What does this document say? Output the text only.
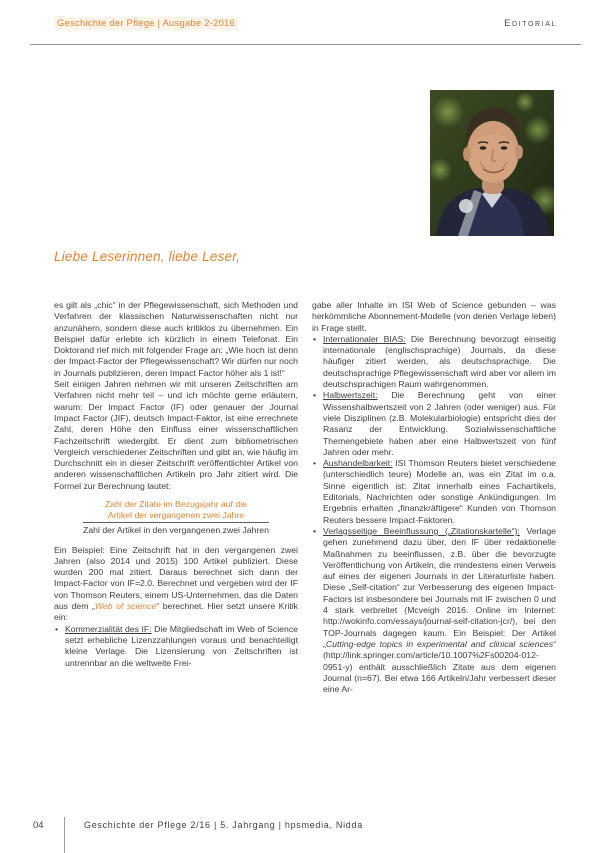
Geschichte der Pflege | Ausgabe 2-2016	Editorial
Liebe Leserinnen, liebe Leser,

es gilt als „chic“ in der Pflegewissenschaft, sich Methoden und Verfahren der klassischen Naturwissenschaften nicht nur anzunähern, sondern diese auch kritiklos zu übernehmen. Ein Beispiel dafür erlebte ich kürzlich in einem Telefonat. Ein Doktorand rief mich mit folgender Frage an: „Wie hoch ist denn der Impact-Factor der Pflegewissenschaft? Wir dürfen nur noch in Journals publizieren, deren Impact Factor höher als 1 ist!“

Seit einigen Jahren nehmen wir mit unseren Zeitschriften am Verfahren nicht mehr teil – und ich möchte gerne erläutern, warum: Der Impact Factor (IF) oder genauer der Journal Impact Factor (JIF), deutsch Impact-Faktor, ist eine errechnete Zahl, deren Höhe den Einfluss einer wissenschaftlichen Fachzeitschrift wiedergibt. Er dient zum bibliometrischen Vergleich verschiedener Zeitschriften und gibt an, wie häufig im Durchschnitt ein in dieser Zeitschrift veröffentlichter Artikel von anderen wissenschaftlichen Artikeln pro Jahr zitiert wird. Die Formel zur Berechnung lautet:

Zahl der Zitate im Bezugsjahr auf die
Artikel der vergangenen zwei Jahre
Zahl der Artikel in den vergangenen zwei Jahren

Ein Beispiel: Eine Zeitschrift hat in den vergangenen zwei Jahren (also 2014 und 2015) 100 Artikel publiziert. Diese wurden 200 mal zitiert. Daraus berechnet sich dann der Impact-Factor von IF=2.0. Berechnet und vergeben wird der IF von Thomson Reuters, einem US-Unternehmen, das die Daten aus dem „Web of science“ berechnet. Hier setzt unsere Kritik ein:

• Kommerzialität des IF: Die Mitgliedschaft im Web of Science setzt erhebliche Lizenzzahlungen voraus und benachteiligt kleine Verlage. Die Lizensierung von Zeitschriften ist untrennbar an die weltweite Frei-

gabe aller Inhalte im ISI Web of Science gebunden – was herkömmliche Abonnement-Modelle (von denen Verlage leben) in Frage stellt.

• Internationaler BIAS: Die Berechnung bevorzugt einseitig internationale (englischsprachige) Journals, da diese häufiger zitiert werden, als deutschsprachige. Die deutschsprachige Pflegewissenschaft wird aber vor allem im deutschsprachigen Raum wahrgenommen.

• Halbwertszeit: Die Berechnung geht von einer Wissenshalbwertszeit von 2 Jahren (oder weniger) aus. Für viele Disziplinen (z.B. Molekularbiologie) entspricht dies der Rasanz der Entwicklung. Sozialwissenschaftliche Themengebiete haben aber eine Halbwertszeit von fünf Jahren oder mehr.

• Aushandelbarkeit: ISI Thomson Reuters bietet verschiedene (unterschiedlich teure) Modelle an, was ein Zitat im o.a. Sinne eigentlich ist: Zitat innerhalb eines Fachartikels, Editorials, Nachrichten oder sonstige Ankündigungen. Im Ergebnis erhalten „finanzkräftigere“ Kunden von Thomson Reuters bessere Impact-Faktoren.

• Verlagsseitige Beeinflussung („Zitationskartelle“): Verlage gehen zunehmend dazu über, den IF über redaktionelle Maßnahmen zu beeinflussen, z.B. über die bevorzugte Veröffentlichung von Artikeln, die mindestens einen Verweis auf eines der eigenen Journals in der Literaturliste haben. Diese „Self-citation“ zur Verbesserung des eigenen Impact-Factors ist insbesondere bei Journals mit IF zwischen 0 und 4 stark verbreitet (Mcveigh 2016. Online im Internet: http://wokinfo.com/essays/journal-self-citation-jcr/), bei den TOP-Journals dagegen kaum. Ein Beispiel: Der Artikel „Cutting-edge topics in experimental and clinical sciences“ (http://link.springer.com/article/10.1007%2Fs00204-012-0951-y) enthält ausschließlich Zitate aus dem eigenen Journal (n=67). Bei etwa 166 Artikeln/Jahr verbessert dieser eine Ar-

04	Geschichte der Pflege 2/16 | 5. Jahrgang | hpsmedia, Nidda
